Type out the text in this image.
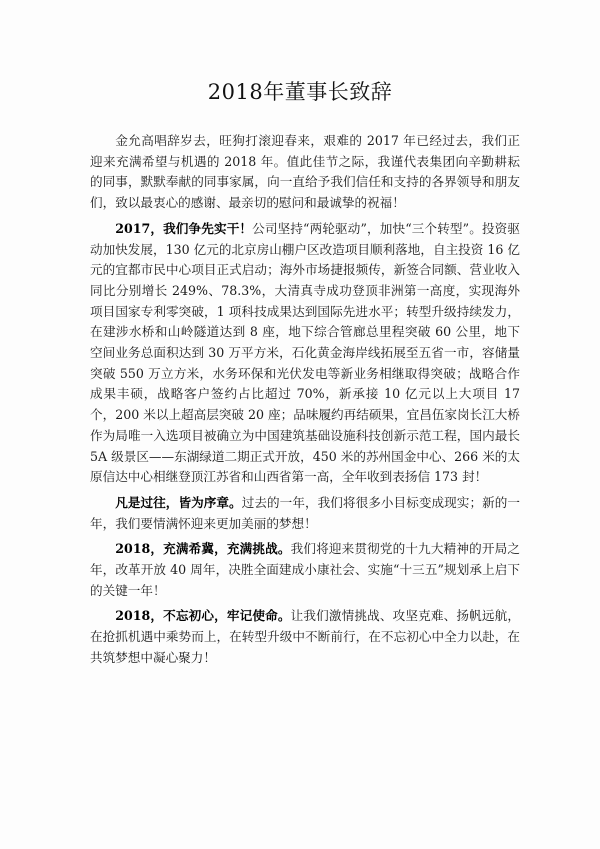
2018年董事长致辞

金允高唱辞岁去，旺狗打滚迎春来，艰难的 2017 年已经过去，我们正迎来充满希望与机遇的 2018 年。值此佳节之际，我谨代表集团向辛勤耕耘的同事，默默奉献的同事家属，向一直给予我们信任和支持的各界领导和朋友们，致以最衷心的感谢、最亲切的慰问和最诚挚的祝福！

2017，我们争先实干！公司坚持“两轮驱动”，加快“三个转型”。投资驱动加快发展，130 亿元的北京房山棚户区改造项目顺利落地，自主投资 16 亿元的宜都市民中心项目正式启动；海外市场捷报频传，新签合同额、营业收入同比分别增长 249%、78.3%，大清真寺成功登顶非洲第一高度，实现海外项目国家专利零突破，1 项科技成果达到国际先进水平；转型升级持续发力，在建涉水桥和山岭隧道达到 8 座，地下综合管廊总里程突破 60 公里，地下空间业务总面积达到 30 万平方米，石化黄金海岸线拓展至五省一市，容储量突破 550 万立方米，水务环保和光伏发电等新业务相继取得突破；战略合作成果丰硕，战略客户签约占比超过 70%，新承接 10 亿元以上大项目 17 个，200 米以上超高层突破 20 座；品味履约再结硕果，宜昌伍家岗长江大桥作为局唯一入选项目被确立为中国建筑基础设施科技创新示范工程，国内最长 5A 级景区——东湖绿道二期正式开放，450 米的苏州国金中心、266 米的太原信达中心相继登顶江苏省和山西省第一高，全年收到表扬信 173 封！

凡是过往，皆为序章。过去的一年，我们将很多小目标变成现实；新的一年，我们要情满怀迎来更加美丽的梦想！

2018，充满希冀，充满挑战。我们将迎来贯彻党的十九大精神的开局之年，改革开放 40 周年，决胜全面建成小康社会、实施“十三五”规划承上启下的关键一年！

2018，不忘初心，牢记使命。让我们激情挑战、攻坚克难、扬帆远航，在抢抓机遇中乘势而上，在转型升级中不断前行，在不忘初心中全力以赴，在共筑梦想中凝心聚力！
